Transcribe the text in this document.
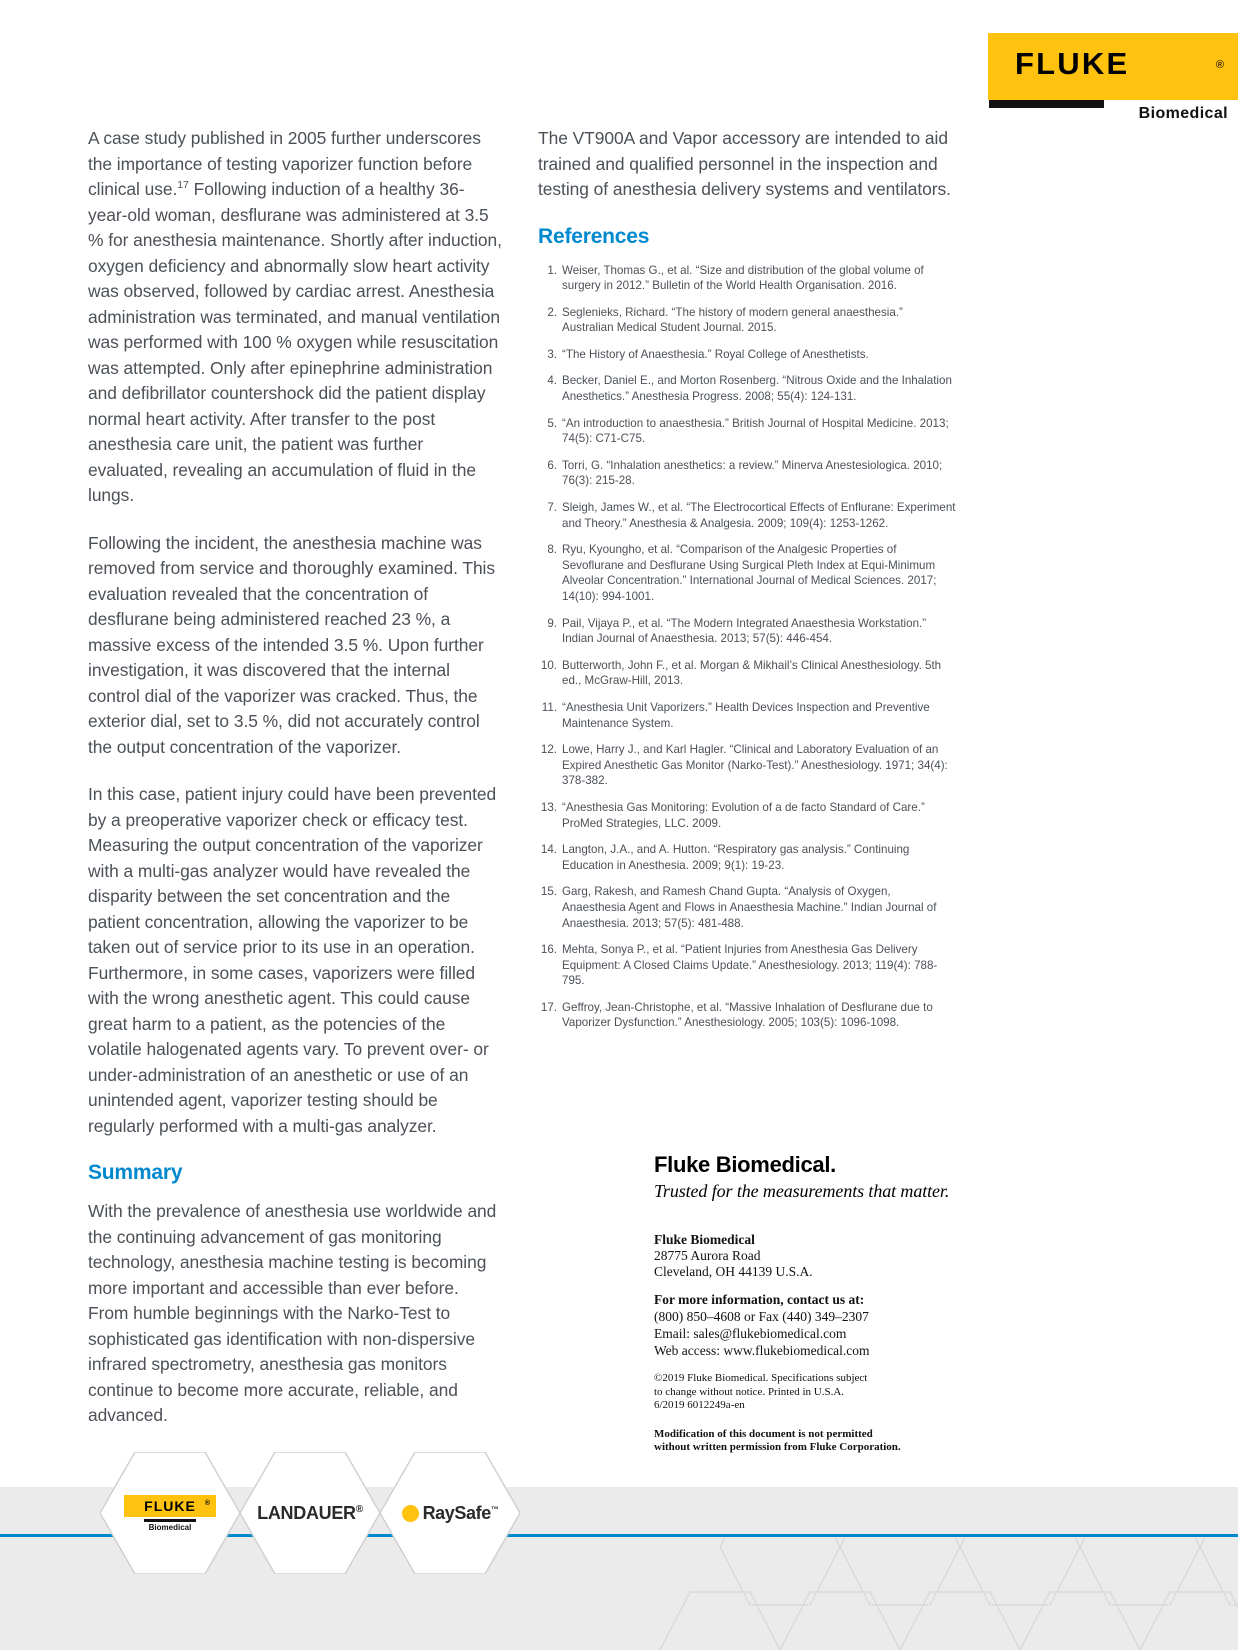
FLUKE	®
Biomedical

A case study published in 2005 further underscores the importance of testing vaporizer function before clinical use.$^{17}$ Following induction of a healthy 36-year-old woman, desflurane was administered at 3.5 % for anesthesia maintenance. Shortly after induction, oxygen deficiency and abnormally slow heart activity was observed, followed by cardiac arrest. Anesthesia administration was terminated, and manual ventilation was performed with 100 % oxygen while resuscitation was attempted. Only after epinephrine administration and defibrillator countershock did the patient display normal heart activity. After transfer to the post anesthesia care unit, the patient was further evaluated, revealing an accumulation of fluid in the lungs.

Following the incident, the anesthesia machine was removed from service and thoroughly examined. This evaluation revealed that the concentration of desflurane being administered reached 23 %, a massive excess of the intended 3.5 %. Upon further investigation, it was discovered that the internal control dial of the vaporizer was cracked. Thus, the exterior dial, set to 3.5 %, did not accurately control the output concentration of the vaporizer.

In this case, patient injury could have been prevented by a preoperative vaporizer check or efficacy test. Measuring the output concentration of the vaporizer with a multi-gas analyzer would have revealed the disparity between the set concentration and the patient concentration, allowing the vaporizer to be taken out of service prior to its use in an operation. Furthermore, in some cases, vaporizers were filled with the wrong anesthetic agent. This could cause great harm to a patient, as the potencies of the volatile halogenated agents vary. To prevent over- or under-administration of an anesthetic or use of an unintended agent, vaporizer testing should be regularly performed with a multi-gas analyzer.

Summary

With the prevalence of anesthesia use worldwide and the continuing advancement of gas monitoring technology, anesthesia machine testing is becoming more important and accessible than ever before. From humble beginnings with the Narko-Test to sophisticated gas identification with non-dispersive infrared spectrometry, anesthesia gas monitors continue to become more accurate, reliable, and advanced.

The VT900A and Vapor accessory are intended to aid trained and qualified personnel in the inspection and testing of anesthesia delivery systems and ventilators.

References
1. Weiser, Thomas G., et al. “Size and distribution of the global volume of surgery in 2012.” Bulletin of the World Health Organisation. 2016.
2. Seglenieks, Richard. “The history of modern general anaesthesia.” Australian Medical Student Journal. 2015.
3. “The History of Anaesthesia.” Royal College of Anesthetists.
4. Becker, Daniel E., and Morton Rosenberg. “Nitrous Oxide and the Inhalation Anesthetics.” Anesthesia Progress. 2008; 55(4): 124-131.
5. “An introduction to anaesthesia.” British Journal of Hospital Medicine. 2013; 74(5): C71-C75.
6. Torri, G. “Inhalation anesthetics: a review.” Minerva Anestesiologica. 2010; 76(3): 215-28.
7. Sleigh, James W., et al. “The Electrocortical Effects of Enflurane: Experiment and Theory.” Anesthesia & Analgesia. 2009; 109(4): 1253-1262.
8. Ryu, Kyoungho, et al. “Comparison of the Analgesic Properties of Sevoflurane and Desflurane Using Surgical Pleth Index at Equi-Minimum Alveolar Concentration.” International Journal of Medical Sciences. 2017; 14(10): 994-1001.
9. Pail, Vijaya P., et al. “The Modern Integrated Anaesthesia Workstation.” Indian Journal of Anaesthesia. 2013; 57(5): 446-454.
10. Butterworth, John F., et al. Morgan & Mikhail’s Clinical Anesthesiology. 5th ed., McGraw-Hill, 2013.
11. “Anesthesia Unit Vaporizers.” Health Devices Inspection and Preventive Maintenance System.
12. Lowe, Harry J., and Karl Hagler. “Clinical and Laboratory Evaluation of an Expired Anesthetic Gas Monitor (Narko-Test).” Anesthesiology. 1971; 34(4): 378-382.
13. “Anesthesia Gas Monitoring: Evolution of a de facto Standard of Care.” ProMed Strategies, LLC. 2009.
14. Langton, J.A., and A. Hutton. “Respiratory gas analysis.” Continuing Education in Anesthesia. 2009; 9(1): 19-23.
15. Garg, Rakesh, and Ramesh Chand Gupta. “Analysis of Oxygen, Anaesthesia Agent and Flows in Anaesthesia Machine.” Indian Journal of Anaesthesia. 2013; 57(5): 481-488.
16. Mehta, Sonya P., et al. “Patient Injuries from Anesthesia Gas Delivery Equipment: A Closed Claims Update.” Anesthesiology. 2013; 119(4): 788-795.
17. Geffroy, Jean-Christophe, et al. “Massive Inhalation of Desflurane due to Vaporizer Dysfunction.” Anesthesiology. 2005; 103(5): 1096-1098.
Fluke Biomedical.
Trusted for the measurements that matter.
Fluke Biomedical
28775 Aurora Road
Cleveland, OH 44139 U.S.A.
For more information, contact us at:
(800) 850–4608 or Fax (440) 349–2307
Email: sales@flukebiomedical.com
Web access: www.flukebiomedical.com
©2019 Fluke Biomedical. Specifications subject
to change without notice. Printed in U.S.A.
6/2019 6012249a-en
Modification of this document is not permitted
without written permission from Fluke Corporation.
FLUKE ®
Biomedical
LANDAUER®	RaySafe™
